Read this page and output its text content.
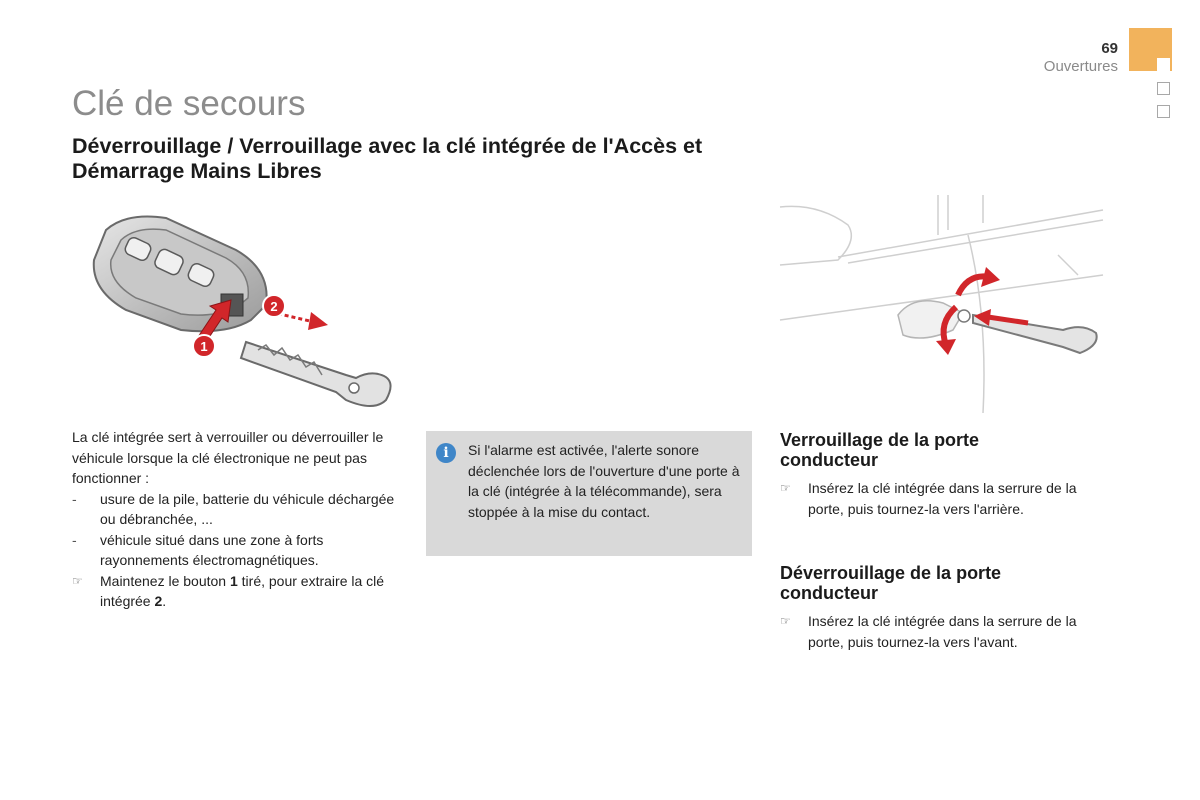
69
Ouvertures
Clé de secours
Déverrouillage / Verrouillage avec la clé intégrée de l'Accès et Démarrage Mains Libres
1
2
La clé intégrée sert à verrouiller ou déverrouiller le véhicule lorsque la clé électronique ne peut pas fonctionner :
-	usure de la pile, batterie du véhicule déchargée ou débranchée, ...
-	véhicule situé dans une zone à forts rayonnements électromagnétiques.
☞	Maintenez le bouton 1 tiré, pour extraire la clé intégrée 2.
i	Si l'alarme est activée, l'alerte sonore déclenchée lors de l'ouverture d'une porte à la clé (intégrée à la télécommande), sera stoppée à la mise du contact.
Verrouillage de la porte conducteur
☞	Insérez la clé intégrée dans la serrure de la porte, puis tournez-la vers l'arrière.
Déverrouillage de la porte conducteur
☞	Insérez la clé intégrée dans la serrure de la porte, puis tournez-la vers l'avant.
